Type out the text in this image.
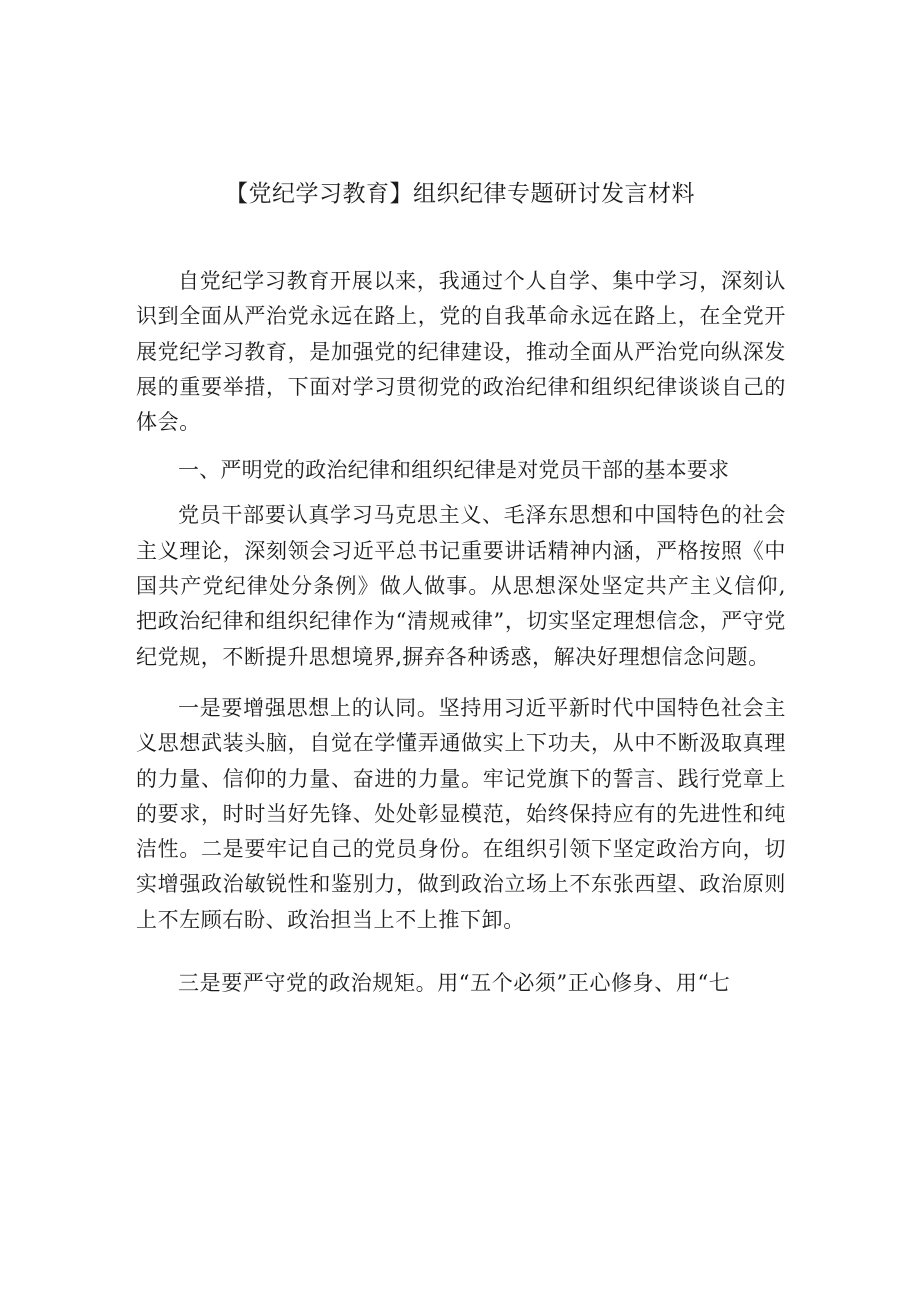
【党纪学习教育】组织纪律专题研讨发言材料

自党纪学习教育开展以来，我通过个人自学、集中学习，深刻认识到全面从严治党永远在路上，党的自我革命永远在路上，在全党开展党纪学习教育，是加强党的纪律建设，推动全面从严治党向纵深发展的重要举措，下面对学习贯彻党的政治纪律和组织纪律谈谈自己的体会。

一、严明党的政治纪律和组织纪律是对党员干部的基本要求

党员干部要认真学习马克思主义、毛泽东思想和中国特色的社会主义理论，深刻领会习近平总书记重要讲话精神内涵，严格按照《中国共产党纪律处分条例》做人做事。从思想深处坚定共产主义信仰,把政治纪律和组织纪律作为“清规戒律”，切实坚定理想信念，严守党纪党规，不断提升思想境界,摒弃各种诱惑，解决好理想信念问题。

一是要增强思想上的认同。坚持用习近平新时代中国特色社会主义思想武装头脑，自觉在学懂弄通做实上下功夫，从中不断汲取真理的力量、信仰的力量、奋进的力量。牢记党旗下的誓言、践行党章上的要求，时时当好先锋、处处彰显模范，始终保持应有的先进性和纯洁性。二是要牢记自己的党员身份。在组织引领下坚定政治方向，切实增强政治敏锐性和鉴别力，做到政治立场上不东张西望、政治原则上不左顾右盼、政治担当上不上推下卸。

三是要严守党的政治规矩。用“五个必须”正心修身、用“七
